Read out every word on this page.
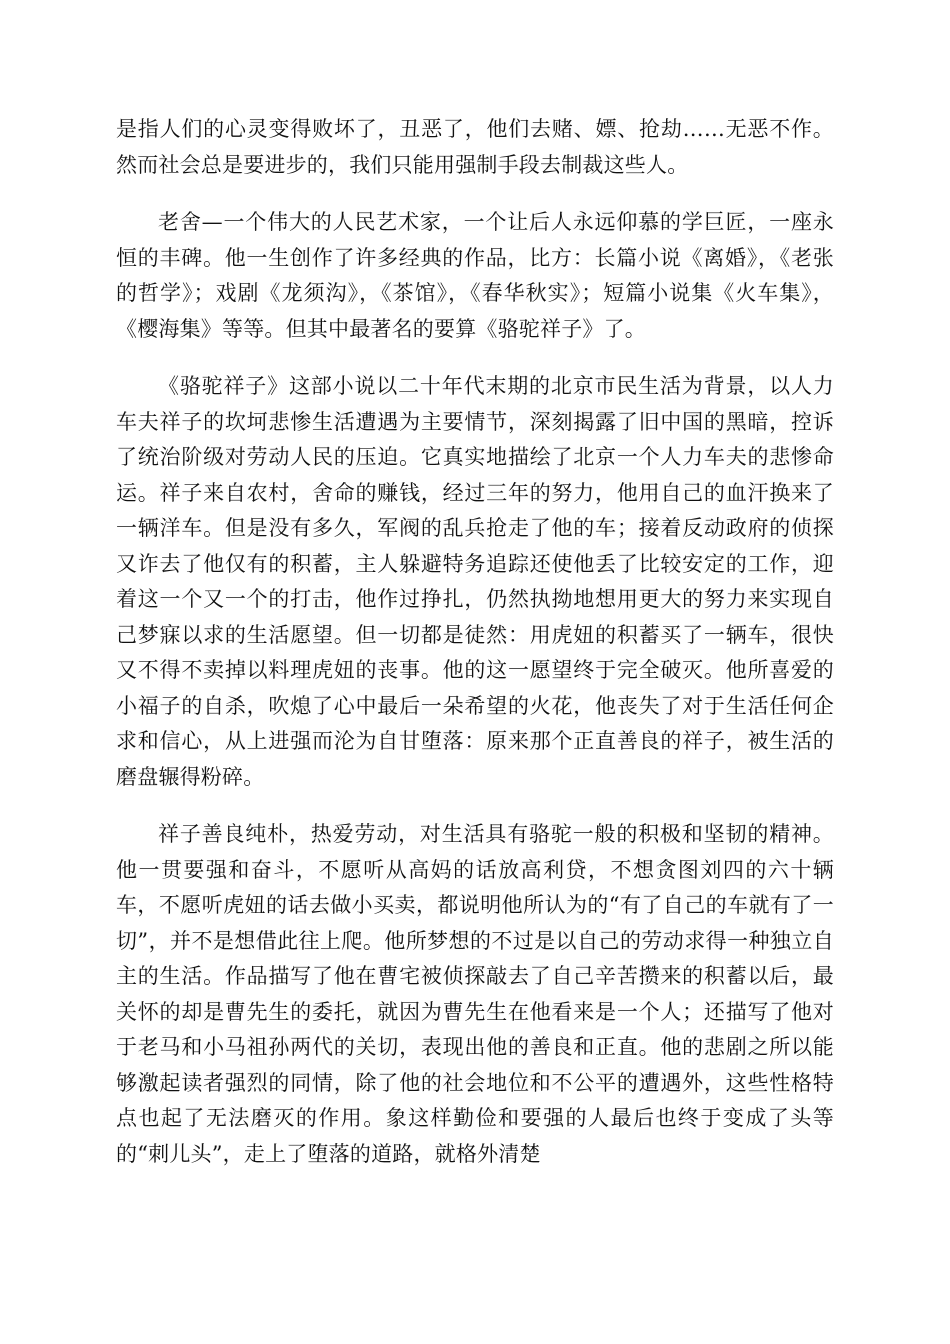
是指人们的心灵变得败坏了，丑恶了，他们去赌、嫖、抢劫……无恶不作。然而社会总是要进步的，我们只能用强制手段去制裁这些人。

老舍—一个伟大的人民艺术家，一个让后人永远仰慕的学巨匠，一座永恒的丰碑。他一生创作了许多经典的作品，比方：长篇小说《离婚》，《老张的哲学》；戏剧《龙须沟》，《茶馆》，《春华秋实》；短篇小说集《火车集》，《樱海集》等等。但其中最著名的要算《骆驼祥子》了。

《骆驼祥子》这部小说以二十年代末期的北京市民生活为背景，以人力车夫祥子的坎坷悲惨生活遭遇为主要情节，深刻揭露了旧中国的黑暗，控诉了统治阶级对劳动人民的压迫。它真实地描绘了北京一个人力车夫的悲惨命运。祥子来自农村，舍命的赚钱，经过三年的努力，他用自己的血汗换来了一辆洋车。但是没有多久，军阀的乱兵抢走了他的车；接着反动政府的侦探又诈去了他仅有的积蓄，主人躲避特务追踪还使他丢了比较安定的工作，迎着这一个又一个的打击，他作过挣扎，仍然执拗地想用更大的努力来实现自己梦寐以求的生活愿望。但一切都是徒然：用虎妞的积蓄买了一辆车，很快又不得不卖掉以料理虎妞的丧事。他的这一愿望终于完全破灭。他所喜爱的小福子的自杀，吹熄了心中最后一朵希望的火花，他丧失了对于生活任何企求和信心，从上进强而沦为自甘堕落：原来那个正直善良的祥子，被生活的磨盘辗得粉碎。

祥子善良纯朴，热爱劳动，对生活具有骆驼一般的积极和坚韧的精神。他一贯要强和奋斗，不愿听从高妈的话放高利贷，不想贪图刘四的六十辆车，不愿听虎妞的话去做小买卖，都说明他所认为的“有了自己的车就有了一切”，并不是想借此往上爬。他所梦想的不过是以自己的劳动求得一种独立自主的生活。作品描写了他在曹宅被侦探敲去了自己辛苦攒来的积蓄以后，最关怀的却是曹先生的委托，就因为曹先生在他看来是一个人；还描写了他对于老马和小马祖孙两代的关切，表现出他的善良和正直。他的悲剧之所以能够激起读者强烈的同情，除了他的社会地位和不公平的遭遇外，这些性格特点也起了无法磨灭的作用。象这样勤俭和要强的人最后也终于变成了头等的“刺儿头”，走上了堕落的道路，就格外清楚
